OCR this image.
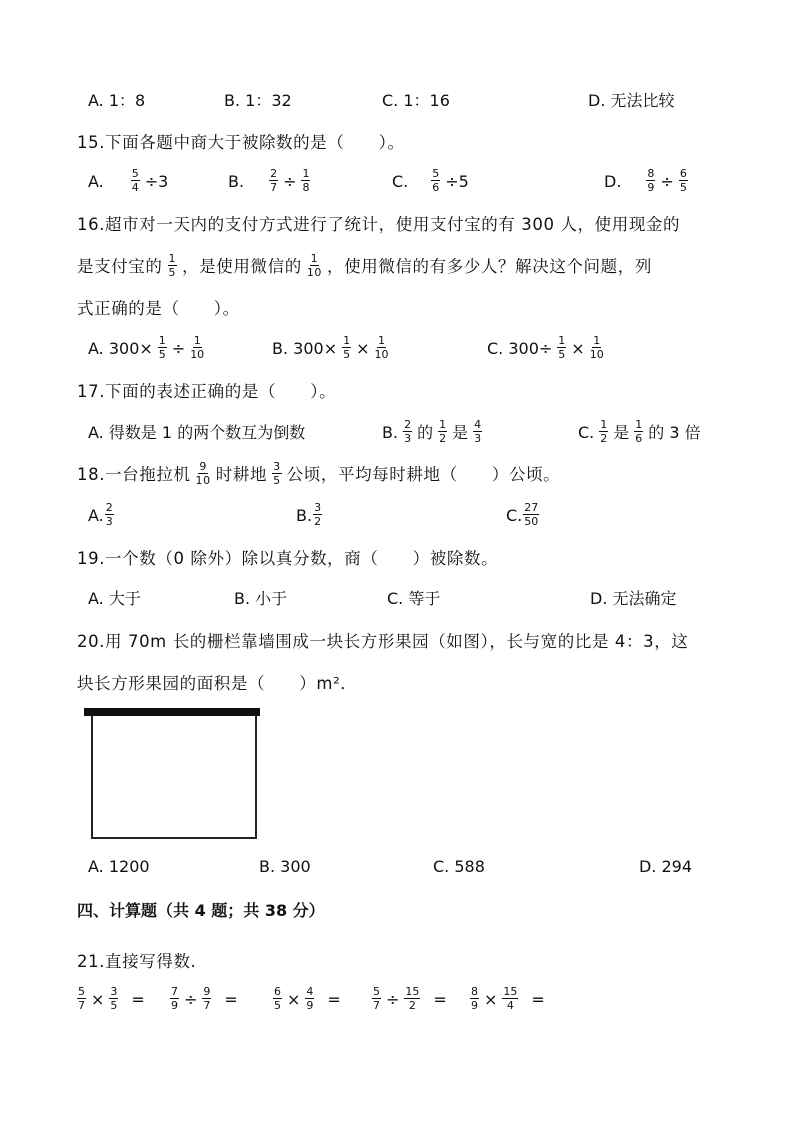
A. 1：8	B. 1：32	C. 1：16	D. 无法比较
15.下面各题中商大于被除数的是（　　）。
A. $\frac{5}{4} \div 3$	B. $\frac{2}{7} \div \frac{1}{8}$	C. $\frac{5}{6} \div 5$	D. $\frac{8}{9} \div \frac{6}{5}$
16.超市对一天内的支付方式进行了统计，使用支付宝的有 300 人，使用现金的
是支付宝的 $\frac{1}{5}$ ，是使用微信的 $\frac{1}{10}$ ，使用微信的有多少人？解决这个问题，列
式正确的是（　　）。
A. $300\times \frac{1}{5} \div \frac{1}{10}$	B. $300\times \frac{1}{5} \times \frac{1}{10}$	C. $300\div \frac{1}{5} \times \frac{1}{10}$
17.下面的表述正确的是（　　）。
A. 得数是 1 的两个数互为倒数	B. $\frac{2}{3}$ 的 $\frac{1}{2}$ 是 $\frac{4}{3}$	C. $\frac{1}{2}$ 是 $\frac{1}{6}$ 的 3 倍
18.一台拖拉机 $\frac{9}{10}$ 时耕地 $\frac{3}{5}$ 公顷，平均每时耕地（　　）公顷。
A. $\frac{2}{3}$	B. $\frac{3}{2}$	C. $\frac{27}{50}$
19.一个数（0 除外）除以真分数，商（　　）被除数。
A. 大于	B. 小于	C. 等于	D. 无法确定
20.用 70m 长的栅栏靠墙围成一块长方形果园（如图），长与宽的比是 4：3，这
块长方形果园的面积是（　　）m²．
A. 1200	B. 300	C. 588	D. 294
四、计算题（共 4 题；共 38 分）
21.直接写得数.
$\frac{5}{7} \times \frac{3}{5} = \frac{7}{9} \div \frac{9}{7}$ =	$\frac{6}{5} \times \frac{4}{9}$ =	$\frac{5}{7} \div \frac{15}{2} = \frac{8}{9} \times \frac{15}{4}$ =
